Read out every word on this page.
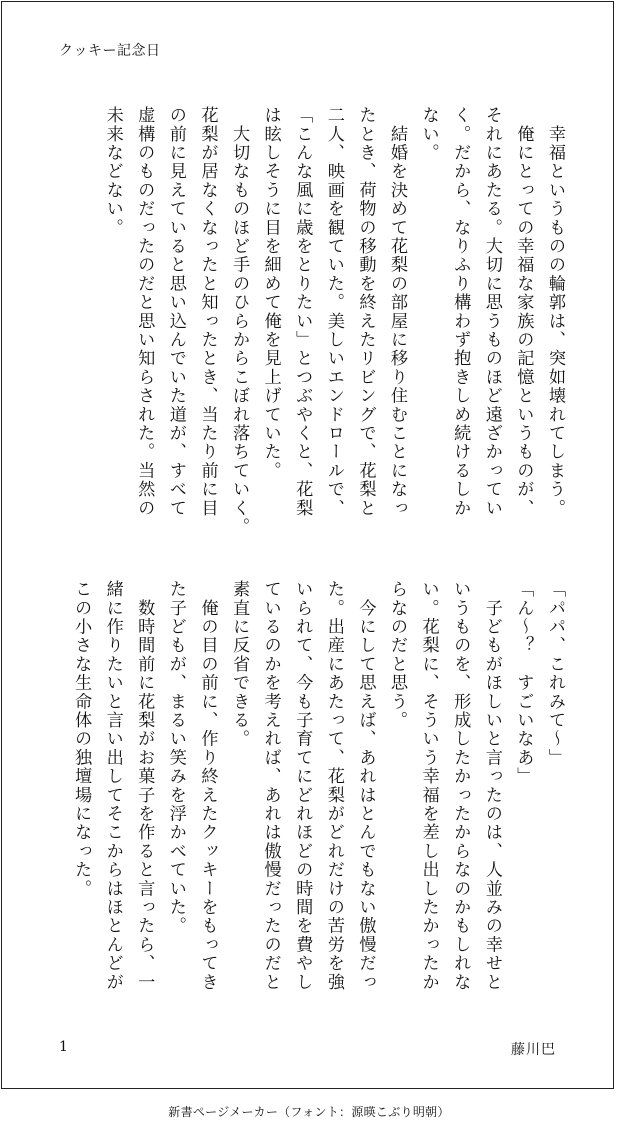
クッキー記念日
　幸福というものの輪郭は、突如壊れてしまう。
　俺にとっての幸福な家族の記憶というものが、
それにあたる。大切に思うものほど遠ざかってい
く。だから、なりふり構わず抱きしめ続けるしか
ない。
　結婚を決めて花梨の部屋に移り住むことになっ
たとき、荷物の移動を終えたリビングで、花梨と
二人、映画を観ていた。美しいエンドロールで、
「こんな風に歳をとりたい」とつぶやくと、花梨
は眩しそうに目を細めて俺を見上げていた。
　大切なものほど手のひらからこぼれ落ちていく。
花梨が居なくなったと知ったとき、当たり前に目
の前に見えていると思い込んでいた道が、すべて
虚構のものだったのだと思い知らされた。当然の
未来などない。
「パパ、これみて〜」
「ん〜？　すごいなあ」
　子どもがほしいと言ったのは、人並みの幸せと
いうものを、形成したかったからなのかもしれな
い。花梨に、そういう幸福を差し出したかったか
らなのだと思う。
　今にして思えば、あれはとんでもない傲慢だっ
た。出産にあたって、花梨がどれだけの苦労を強
いられて、今も子育てにどれほどの時間を費やし
ているのかを考えれば、あれは傲慢だったのだと
素直に反省できる。
　俺の目の前に、作り終えたクッキーをもってき
た子どもが、まるい笑みを浮かべていた。
　数時間前に花梨がお菓子を作ると言ったら、一
緒に作りたいと言い出してそこからはほとんどが
この小さな生命体の独壇場になった。
1	藤川巴
新書ページメーカー（フォント：源暎こぶり明朝）
